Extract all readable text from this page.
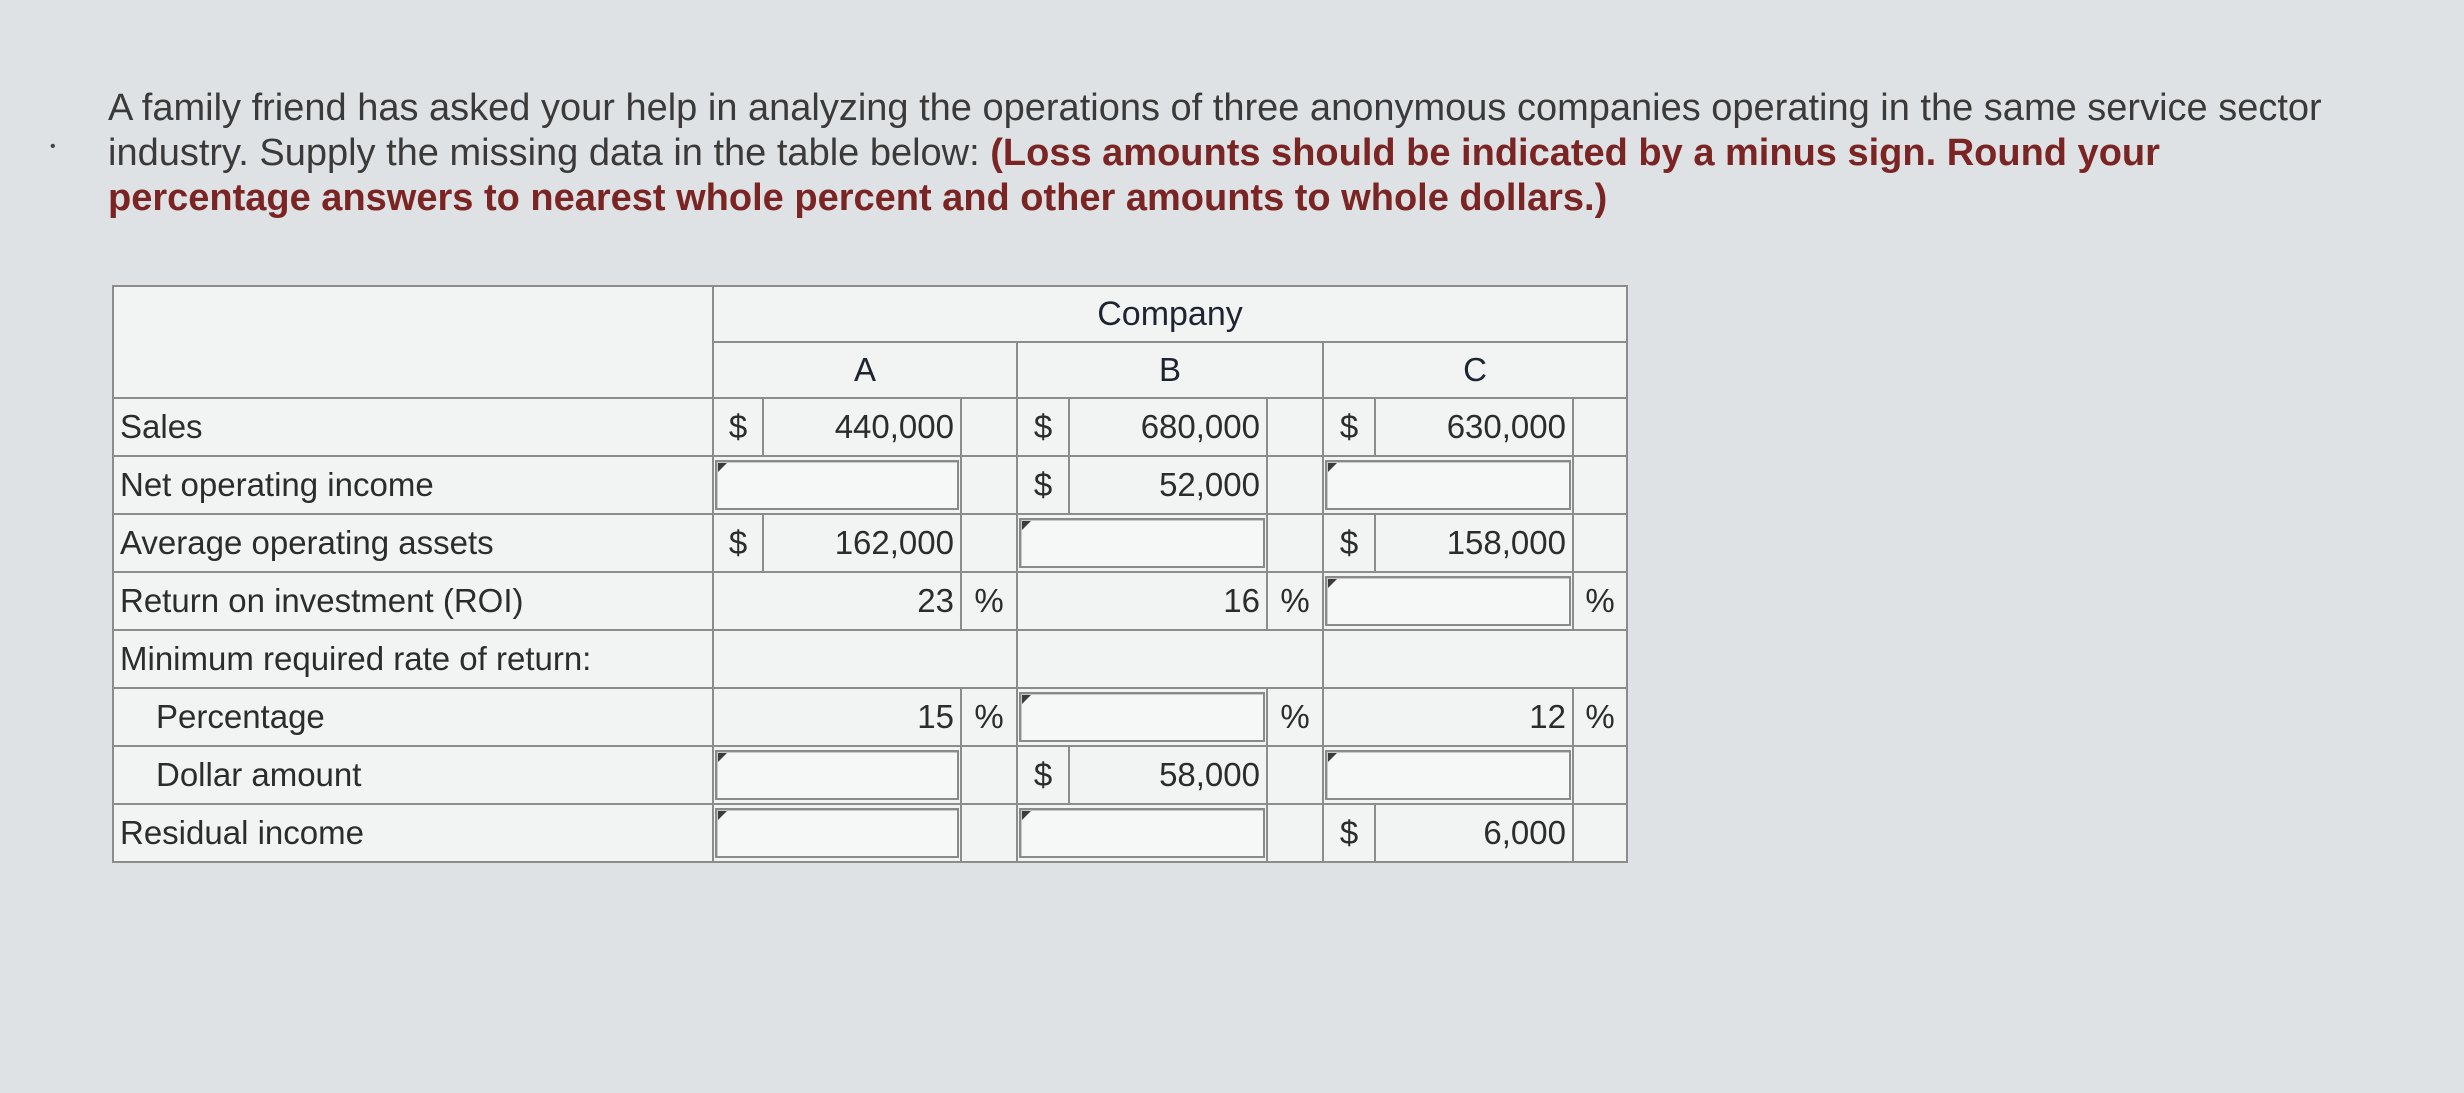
•
A family friend has asked your help in analyzing the operations of three anonymous companies operating in the same service sector industry. Supply the missing data in the table below: (Loss amounts should be indicated by a minus sign. Round your percentage answers to nearest whole percent and other amounts to whole dollars.)
	Company								
	A			B			C		
Sales	$	440,000		$	680,000		$	630,000	
Net operating income				$	52,000			

Average operating assets	$	162,000					$	158,000	
Return on investment (ROI)	23		%	16		%			%
Minimum required rate of return:									
Percentage	15		%			%	12		%
Dollar amount				$	58,000			

Residual income							$	6,000	
